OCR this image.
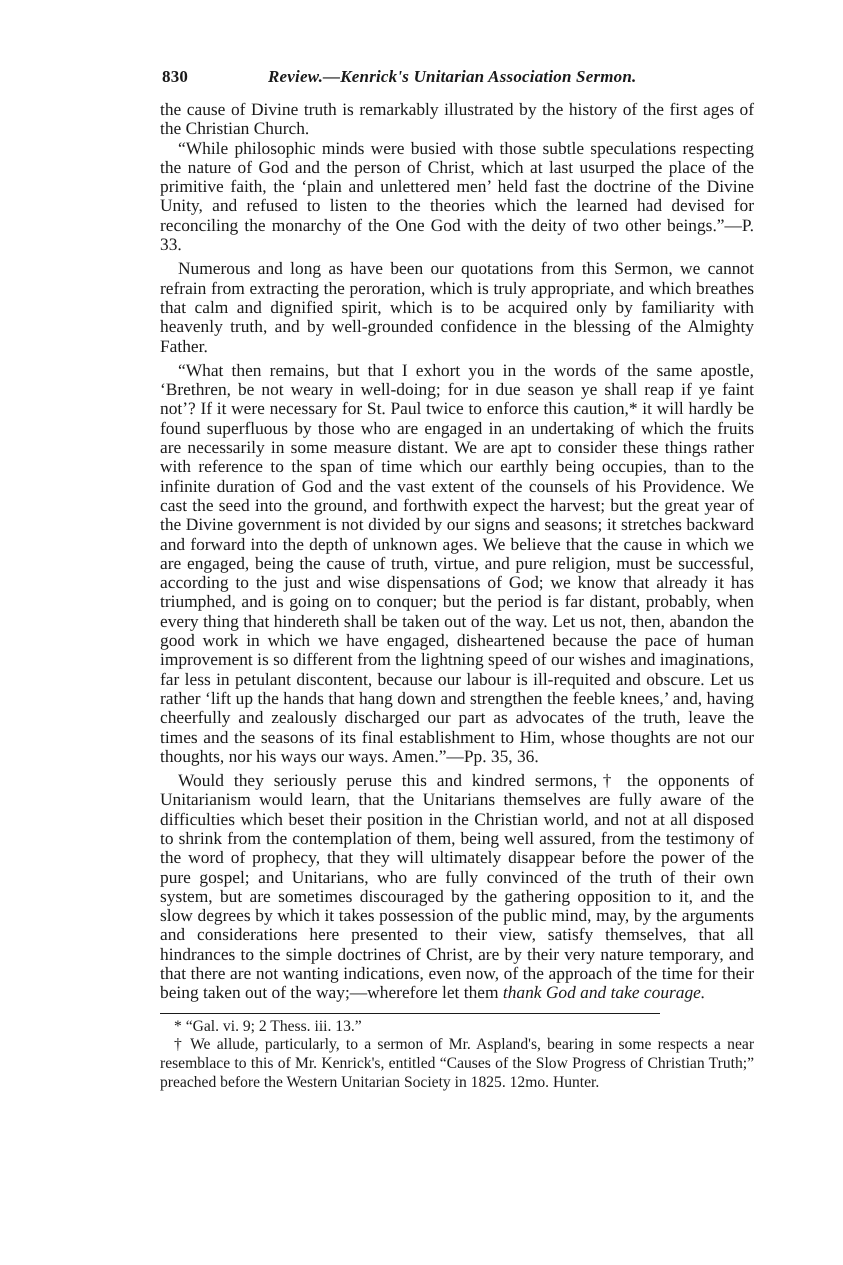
830	Review.—Kenrick's Unitarian Association Sermon.

the cause of Divine truth is remarkably illustrated by the history of the first ages of the Christian Church.

“While philosophic minds were busied with those subtle speculations respecting the nature of God and the person of Christ, which at last usurped the place of the primitive faith, the ‘plain and unlettered men’ held fast the doctrine of the Divine Unity, and refused to listen to the theories which the learned had devised for reconciling the monarchy of the One God with the deity of two other beings.”—P. 33.

Numerous and long as have been our quotations from this Sermon, we cannot refrain from extracting the peroration, which is truly appropriate, and which breathes that calm and dignified spirit, which is to be acquired only by familiarity with heavenly truth, and by well-grounded confidence in the blessing of the Almighty Father.

“What then remains, but that I exhort you in the words of the same apostle, ‘Brethren, be not weary in well-doing; for in due season ye shall reap if ye faint not’? If it were necessary for St. Paul twice to enforce this caution,* it will hardly be found superfluous by those who are engaged in an undertaking of which the fruits are necessarily in some measure distant. We are apt to consider these things rather with reference to the span of time which our earthly being occupies, than to the infinite duration of God and the vast extent of the counsels of his Providence. We cast the seed into the ground, and forthwith expect the harvest; but the great year of the Divine government is not divided by our signs and seasons; it stretches backward and forward into the depth of unknown ages. We believe that the cause in which we are engaged, being the cause of truth, virtue, and pure religion, must be successful, according to the just and wise dispensations of God; we know that already it has triumphed, and is going on to conquer; but the period is far distant, probably, when every thing that hindereth shall be taken out of the way. Let us not, then, abandon the good work in which we have engaged, disheartened because the pace of human improvement is so different from the lightning speed of our wishes and imaginations, far less in petulant discontent, because our labour is ill-requited and obscure. Let us rather ‘lift up the hands that hang down and strengthen the feeble knees,’ and, having cheerfully and zealously discharged our part as advocates of the truth, leave the times and the seasons of its final establishment to Him, whose thoughts are not our thoughts, nor his ways our ways. Amen.”—Pp. 35, 36.

Would they seriously peruse this and kindred sermons,† the opponents of Unitarianism would learn, that the Unitarians themselves are fully aware of the difficulties which beset their position in the Christian world, and not at all disposed to shrink from the contemplation of them, being well assured, from the testimony of the word of prophecy, that they will ultimately disappear before the power of the pure gospel; and Unitarians, who are fully convinced of the truth of their own system, but are sometimes discouraged by the gathering opposition to it, and the slow degrees by which it takes possession of the public mind, may, by the arguments and considerations here presented to their view, satisfy themselves, that all hindrances to the simple doctrines of Christ, are by their very nature temporary, and that there are not wanting indications, even now, of the approach of the time for their being taken out of the way;—wherefore let them thank God and take courage.

* “Gal. vi. 9; 2 Thess. iii. 13.”

† We allude, particularly, to a sermon of Mr. Aspland's, bearing in some respects a near resemblace to this of Mr. Kenrick's, entitled “Causes of the Slow Progress of Christian Truth;” preached before the Western Unitarian Society in 1825. 12mo. Hunter.
